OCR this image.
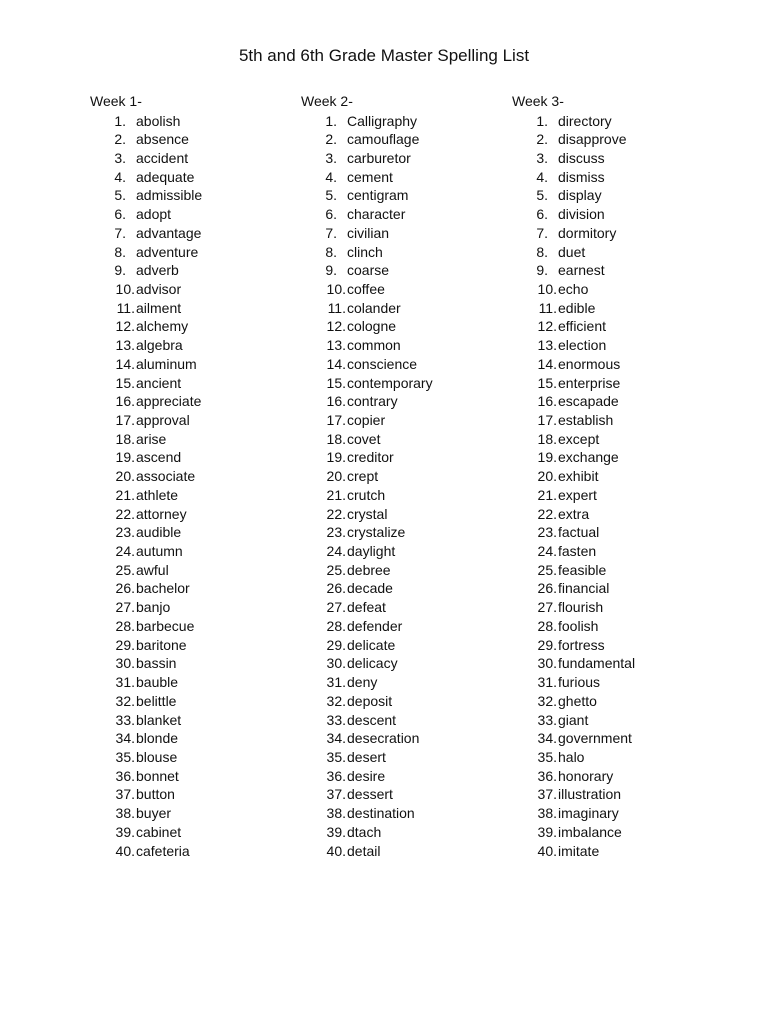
5th and 6th Grade Master Spelling List
Week 1-
1. abolish
2. absence
3. accident
4. adequate
5. admissible
6. adopt
7. advantage
8. adventure
9. adverb
10.advisor
11.ailment
12.alchemy
13.algebra
14.aluminum
15.ancient
16.appreciate
17.approval
18.arise
19.ascend
20.associate
21.athlete
22.attorney
23.audible
24.autumn
25.awful
26.bachelor
27.banjo
28.barbecue
29.baritone
30.bassin
31.bauble
32.belittle
33.blanket
34.blonde
35.blouse
36.bonnet
37.button
38.buyer
39.cabinet
40.cafeteria
Week 2-
1. Calligraphy
2. camouflage
3. carburetor
4. cement
5. centigram
6. character
7. civilian
8. clinch
9. coarse
10.coffee
11.colander
12.cologne
13.common
14.conscience
15.contemporary
16.contrary
17.copier
18.covet
19.creditor
20.crept
21.crutch
22.crystal
23.crystalize
24.daylight
25.debree
26.decade
27.defeat
28.defender
29.delicate
30.delicacy
31.deny
32.deposit
33.descent
34.desecration
35.desert
36.desire
37.dessert
38.destination
39.dtach
40.detail
Week 3-
1. directory
2. disapprove
3. discuss
4. dismiss
5. display
6. division
7. dormitory
8. duet
9. earnest
10.echo
11.edible
12.efficient
13.election
14.enormous
15.enterprise
16.escapade
17.establish
18.except
19.exchange
20.exhibit
21.expert
22.extra
23.factual
24.fasten
25.feasible
26.financial
27.flourish
28.foolish
29.fortress
30.fundamental
31.furious
32.ghetto
33.giant
34.government
35.halo
36.honorary
37.illustration
38.imaginary
39.imbalance
40.imitate
